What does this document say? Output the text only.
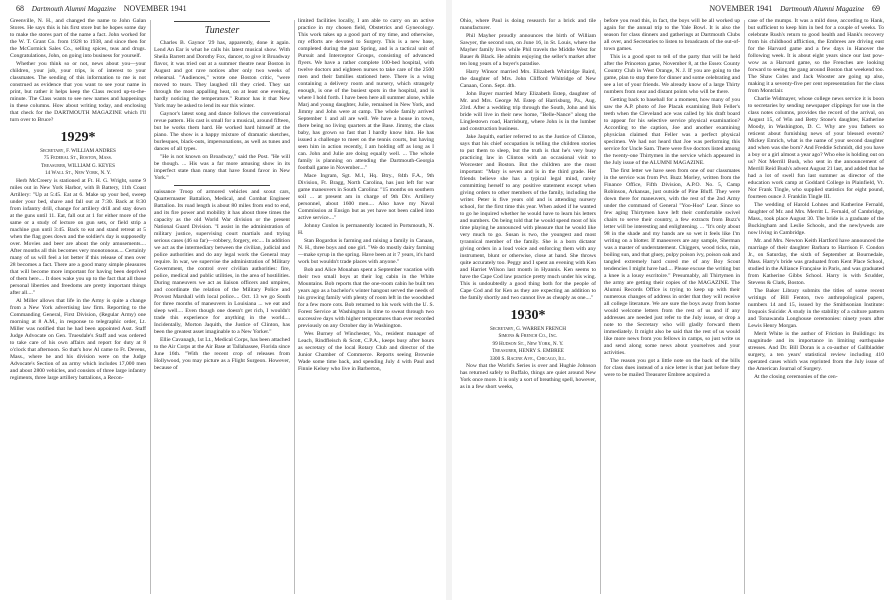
68 Dartmouth Alumni Magazine NOVEMBER 1941

Greenville, N. H., and changed the name to John Galan Stores. He says this is his first store but he hopes some day to make the stores part of the name a fact. John worked for the W. T. Grant Co. from 1928 to 1938, and since then for the McCormick Sales Co., selling spices, teas and drugs. Congratulations, John, on going into business for yourself.

Whether you think so or not, news about you—your children, your job, your trips, is of interest to your classmates. The sending of this information to me is not construed as evidence that you want to see your name in print, but rather it helps keep the Class record up-to-the-minute. The Class wants to see new names and happenings in these columns. How about writing today, and enclosing that check for the DARTMOUTH MAGAZINE which I'll turn over to Bruce?

1929*

Secretary, F. WILLIAM ANDRES

75 Federal St., Boston, Mass.

Treasurer, WILLIAM G. KEYES

14 Wall St., New York, N. Y.

Herb McCreery is stationed at Ft. H. G. Wright, some 9 miles out in New York Harbor, with B Battery, 11th Coast Artillery: "Up at 5:45. Eat at 6. Make up your bed, sweep under your bed, shave and fall out at 7:30. Back at 8:30 from infantry drill, change for artillery drill and stay down at the guns until 11. Eat, fall out at 1 for either more of the same or a study of lecture on gun sets, or field strip a machine gun until 3:45. Back to eat and stand retreat at 5 when the flag goes down and the soldier's day is supposedly over. Movies and beer are about the only amusements.... After months all this becomes very monotonous.... Certainly many of us will feel a lot better if this release of men over 28 becomes a fact. There are a good many simple pleasures that will become more important for having been deprived of them here.... It does wake you up to the fact that all those personal liberties and freedoms are pretty important things after all...."

Al Miller allows that life in the Army is quite a change from a New York advertising law firm. Reporting to the Commanding General, First Division, (Regular Army) one morning at 8 A.M., in response to telegraphic order, Lt. Miller was notified that he had been appointed Asst. Staff Judge Advocate on Gen. Truesdale's Staff and was ordered to take care of his own affairs and report for duty at 8 o'clock that afternoon. So that's how Al came to Ft. Devens, Mass., where he and his division were on the Judge Advocate's Section of an army which includes 17,000 men and about 2800 vehicles, and consists of three large infantry regiments, three large artillery battalions, a Recon-

Tunester

Charles B. Gaynor '29 has, apparently, done it again. Lend An Ear is what he calls his latest musical show. With Sheila Barrett and Dorothy Fox, dancer, to give it Broadway flavor, it was tried out at a summer theatre near Boston in August and got rave notices after only two weeks of rehearsal. "Audiences," wrote one Boston critic, "were moved to tears. They laughed till they cried. They sat through the most appalling heat, on at least one evening, hardly noticing the temperature." Rumor has it that New York may be asked to lend its ear this winter.

Gaynor's latest song and dance follows the conventional revue pattern. His cast is small for a musical, around fifteen, but he works them hard. He worked hard himself at the piano. The show is a happy mixture of dramatic sketches, burlesques, black-outs, impersonations, as well as tunes and dances of all types.

"He is not known on Broadway," said the Post. "He will be though. ... His was a far more amusing show in its imperfect state than many that have found favor in New York."

naissance Troop of armored vehicles and scout cars, Quartermaster Battalion, Medical, and Combat Engineer Battalion. Its road length is about 80 miles from end to end, and its fire power and mobility it has about three times the capacity as the old World War division or the present National Guard Division. "I assist in the administration of military justice, supervising court martials and trying serious cases (46 so far)—robbery, forgery, etc.... In addition we act as the intermediary between the civilian, judicial and police authorities and do any legal work the General may require. In war, we supervise the administration of Military Government, the control over civilian authorities: fire, police, medical and public utilities, in the area of hostilities. During maneuvers we act as liaison officers and umpires, and coordinate the relation of the Military Police and Provost Marshall with local police.... Oct. 13 we go South for three months of maneuvers in Louisiana ... we eat and sleep well.... Even though one doesn't get rich, I wouldn't trade this experience for anything in the world.... Incidentally, Morton Jaquith, the Justice of Clinton, has been the greatest asset imaginable to a New Yorker."

Ellie Cavanagh, 1st Lt., Medical Corps, has been attached to the Air Corps at the Air Base at Tallahassee, Florida since June 16th. "With the recent crop of releases from Hollywood, you may picture as a Flight Surgeon. However, because of

limited facilities locally, I am able to carry on an active practice in my chosen field, Obstetrics and Gynecology. This work takes up a good part of my time, and otherwise, my efforts are devoted to Surgery. This is a new base, completed during the past Spring, and is a tactical unit of Pursuit and Interceptor Groups, consisting of advanced flyers. We have a rather complete 100-bed hospital, with twelve doctors and eighteen nurses to take care of the 2500 men and their families stationed here. There is a wing containing a delivery room and nursery, which strangely enough, is one of the busiest spots in the hospital, and is where I hold forth. I have been here all summer alone, while Marj and young daughter, Julie, remained in New York, and Jimmy and John were at camp. The whole family arrived September 1 and all are well. We have a house in town, there being no living quarters at the Base. Jimmy, the class baby, has grown so fast that I hardly know him. He has issued a challenge to meet on the tennis courts, but having seen him in action recently, I am holding off as long as I can. John and Julie are doing equally well. ... The whole family is planning on attending the Dartmouth-Georgia football game in November...."

Mace Ingram, Sgt. M.1, Hq. Btry., 84th F.A., 9th Division, Ft. Bragg, North Carolina, has just left for war game maneuvers in South Carolina: "15 months on southern soil ... at present am in charge of 9th Div. Artillery personnel, about 1600 men.... Also have my Naval Commission at Ensign but as yet have not been called into active service...."

Johnny Conlon is permanently located in Portsmouth, N. H.

Stan Bogardus is farming and raising a family in Canaan, N. H., three boys and one girl. "We do mostly dairy farming—make syrup in the spring. Have been at it 7 years, it's hard work but wouldn't trade places with anyone."

Bob and Alice Monahan spent a September vacation with their two small boys at their log cabin in the White Mountains. Bob reports that the one-room cabin he built ten years ago as a bachelor's winter hangout served the needs of his growing family with plenty of room left in the woodshed for a few more cots. Bob returned to his work with the U. S. Forest Service at Washington in time to sweat through two successive days with higher temperatures than ever recorded previously on any October day in Washington.

Wes Burney of Winchester, Va., resident manager of Leach, Rindfleisch & Scott, C.P.A., keeps busy after hours as secretary of the local Rotary Club and director of the Junior Chamber of Commerce. Reports seeing Brownie Wade some time back, and spending July 4 with Paul and Finnie Kelsey who live in Barberton,

NOVEMBER 1941 Dartmouth Alumni Magazine 69

Ohio, where Paul is doing research for a brick and tile manufacturer.

Phil Mayher proudly announces the birth of William Sawyer, the second son, on June 16, in St. Louis, where the Mayher family lives while Phil travels the Middle West for Bauer & Black. He admits enjoying the seller's market after ten long years of a buyer's paradise.

Harry Winsor married Mrs. Elizabeth Whitridge Baird, the daughter of Mrs. John Clifford Whitridge of New Canaan, Conn. Sept. 4th.

John Bayer married Mary Elizabeth Estep, daughter of Mr. and Mrs. George M. Estep of Harrisburg, Pa., Aug. 23rd. After a wedding trip through the South, John and his bride will live in their new home, "Belle-Nance" along the Linglestown road, Harrisburg, where John is in the lumber and construction business.

Jake Jaquith, earlier referred to as the Justice of Clinton, says that his chief occupation is telling the children stories to put them to sleep, but the truth is that he's very busy practicing law in Clinton with an occasional visit to Worcester and Boston. But the children are the most important: "Mary is seven and is in the third grade. Her friends believe she has a typical legal mind, rarely committing herself to any positive statement except when giving orders to other members of the family, including the writer. Peter is five years old and is attending nursery school, for the first time this year. When asked if he wanted to go he inquired whether he would have to learn his letters and numbers. On being told that he would spend most of his time playing he announced with pleasure that he would like very much to go. Susan is two, the youngest and most tyrannical member of the family. She is a born dictator giving orders in a loud voice and enforcing them with any instrument, blunt or otherwise, close at hand. She throws quite accurately too. Peggy and I spent an evening with Ken and Harriet Wilson last month in Hyannis. Ken seems to have the Cape Cod law practice pretty much under his wing. This is undoubtedly a good thing both for the people of Cape Cod and for Ken as they are expecting an addition to the family shortly and two cannot live as cheaply as one...."

1930*

Secretary, G. WARREN FRENCH

Simons & French Co., Inc.

99 Hudson St., New York, N. Y.

Treasurer, HENRY S. EMBREE

3300 S. Racine Ave., Chicago, Ill.

Now that the World's Series is over and Hughie Johnson has returned safely to Buffalo, things are quiet around New York once more. It is only a sort of breathing spell, however, as in a few short weeks,

before you read this, in fact, the boys will be all worked up again for the annual trip to the Yale Bowl. It is also the season for class dinners and gatherings at Dartmouth Clubs all over, and Secretaries to listen to broadcasts of the out-of-town games.

This is a good spot to tell of the party that will be held after the Princeton game, November 8, at the Essex County Country Club in West Orange, N. J. If you are going to the game, plan to stop there for dinner and some celebrating and see a lot of your friends. We already know of a large Thirty numbers from near and distant points who will be there.

Getting back to baseball for a moment, how many of you saw the A.P. photo of Joe Placak examining Bob Feller's teeth when the Cleveland ace was called by his draft board to appear for his selective service physical examination? According to the caption, Joe and another examining physician claimed that Feller was a perfect physical specimen. We had not heard that Joe was performing this service for Uncle Sam. There were five doctors listed among the twenty-one Thirtymen in the service which appeared in the July issue of the ALUMNI MAGAZINE.

The first letter we have seen from one of our classmates in the service was from Pvt. Buzz Morley, written from the Finance Office, Fifth Division, A.P.O. No. 5, Camp Robinson, Arkansas, just outside of Pine Bluff. They were down there for maneuvers, with the rest of the 2nd Army under the command of General "Yoo-Hoo" Lear. Since so few aging Thirtymen have left their comfortable swivel chairs to serve their country, a few extracts from Buzz's letter will be interesting and enlightening. ... "It's only about 98 in the shade and my hands are so wet it feels like I'm writing on a blotter. If maneuvers are any sample, Sherman was a master of understatement. Chiggers, wood ticks, rain, boiling sun, and that gluey, pulpy poison ivy, poison oak and tangled extremely hard cured me of any Boy Scout tendencies I might have had.... Please excuse the writing but a knee is a lousy escritoire." Presumably, all Thirtymen in the army are getting their copies of the MAGAZINE. The Alumni Records Office is trying to keep up with their numerous changes of address in order that they will receive all college literature. We are sure the boys away from home would welcome letters from the rest of us and if any addresses are needed just refer to the July issue, or drop a note to the Secretary who will gladly forward them immediately. It might also be said that the rest of us would like more news from you fellows in camps, so just write us and send along some news about yourselves and your activities.

The reason you got a little note on the back of the bills for class dues instead of a nice letter is that just before they were to be mailed Treasurer Embree acquired a

case of the mumps. It was a mild dose, according to Hank, but sufficient to keep him in bed for a couple of weeks. To celebrate Rush's return to good health and Hank's recovery from his childhood affliction, the Embrees are driving east for the Harvard game and a few days in Hanover the following week. It is about eight years since our last pow-wow as a Harvard game, so the Frenches are looking forward to seeing the gang around Boston that weekend too. The Shaw Coles and Jack Wooster are going up also, making it a seventy-five per cent representation for the class from Montclair.

Charlie Widmayer, whose college news service it is boon to secretaries by sending newspaper clippings for use in the class notes columns, provides the record of the arrival, on August 15, of Win and Betty Stone's daughter, Katherine Moody, in Washington, D. C. Why are you fathers so reticent about furnishing news of your blessed events? Mickey Emrich, what is the name of your second daughter and when was she born? And Freddie Schmidt, did you have a boy or a girl almost a year ago? Who else is holding out on us? Not Merrill Bush, who sent in the announcement of Merrill Reid Bush's advent August 21 last, and added that he had a lot of swell fun last summer as director of the education work camp at Goddard College in Plainfield, Vt. Nor Frank Tingle, who supplied statistics for eight pound, fourteen ounce J. Franklin Tingle III.

The wedding of Harold Lohnes and Katherine Fernald, daughter of Mr. and Mrs. Merritt L. Fernald, of Cambridge, Mass., took place August 30. The bride is a graduate of the Buckingham and Leslie Schools, and the newlyweds are now living in Cambridge.

Mr. and Mrs. Newton Keith Hartford have announced the marriage of their daughter Barbara to Harrison F. Condon Jr., on Saturday, the sixth of September at Bournedale, Mass. Harry's bride was graduated from Kent Place School, studied in the Alliance Française in Paris, and was graduated from Katherine Gibbs School. Harry is with Scudder, Stevens & Clark, Boston.

The Baker Library submits the titles of some recent writings of Bill Fenton, two anthropological papers, numbers 14 and 15, issued by the Smithsonian Institute: Iroquois Suicide: A study in the stability of a culture pattern and Tonawanda Longhouse ceremonies: ninety years after Lewis Henry Morgan.

Merit White is the author of Friction in Buildings: its magnitude and its importance in limiting earthquake stresses. And Dr. Bill Doran is a co-author of Gallbladder surgery, a ten years' statistical review including 410 operated cases which was reprinted from the July issue of the American Journal of Surgery.

At the closing ceremonies of the cen-
